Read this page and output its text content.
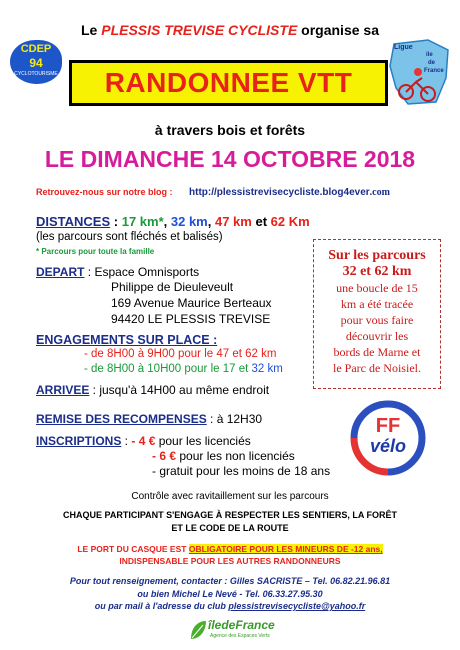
Le PLESSIS TREVISE CYCLISTE organise sa
CDEP
94
CYCLOTOURISME
Ligue
ile
de
France
RANDONNEE VTT
à travers bois et forêts
LE DIMANCHE 14 OCTOBRE 2018
Retrouvez-nous sur notre blog : http://plessistrevisecycliste.blog4ever.com
DISTANCES : 17 km*, 32 km, 47 km et 62 Km
(les parcours sont fléchés et balisés)
* Parcours pour toute la famille
DEPART : Espace Omnisports
Philippe de Dieuleveult
169 Avenue Maurice Berteaux
94420 LE PLESSIS TREVISE
Sur les parcours
32 et 62 km
une boucle de 15
km a été tracée
pour vous faire
découvrir les
bords de Marne et
le Parc de Noisiel.
ENGAGEMENTS SUR PLACE :
- de 8H00 à 9H00 pour le 47 et 62 km
- de 8H00 à 10H00 pour le 17 et 32 km
ARRIVEE : jusqu'à 14H00 au même endroit
REMISE DES RECOMPENSES : à 12H30
INSCRIPTIONS : - 4 € pour les licenciés
- 6 € pour les non licenciés
- gratuit pour les moins de 18 ans
FF
vélo
Contrôle avec ravitaillement sur les parcours
CHAQUE PARTICIPANT S'ENGAGE À RESPECTER LES SENTIERS, LA FORÊT
ET LE CODE DE LA ROUTE
LE PORT DU CASQUE EST OBLIGATOIRE POUR LES MINEURS DE -12 ans,
INDISPENSABLE POUR LES AUTRES RANDONNEURS
Pour tout renseignement, contacter : Gilles SACRISTE – Tel. 06.82.21.96.81
ou bien Michel Le Nevé - Tel. 06.33.27.95.30
ou par mail à l'adresse du club plessistrevisecycliste@yahoo.fr
îledeFrance
Agence des Espaces Verts
